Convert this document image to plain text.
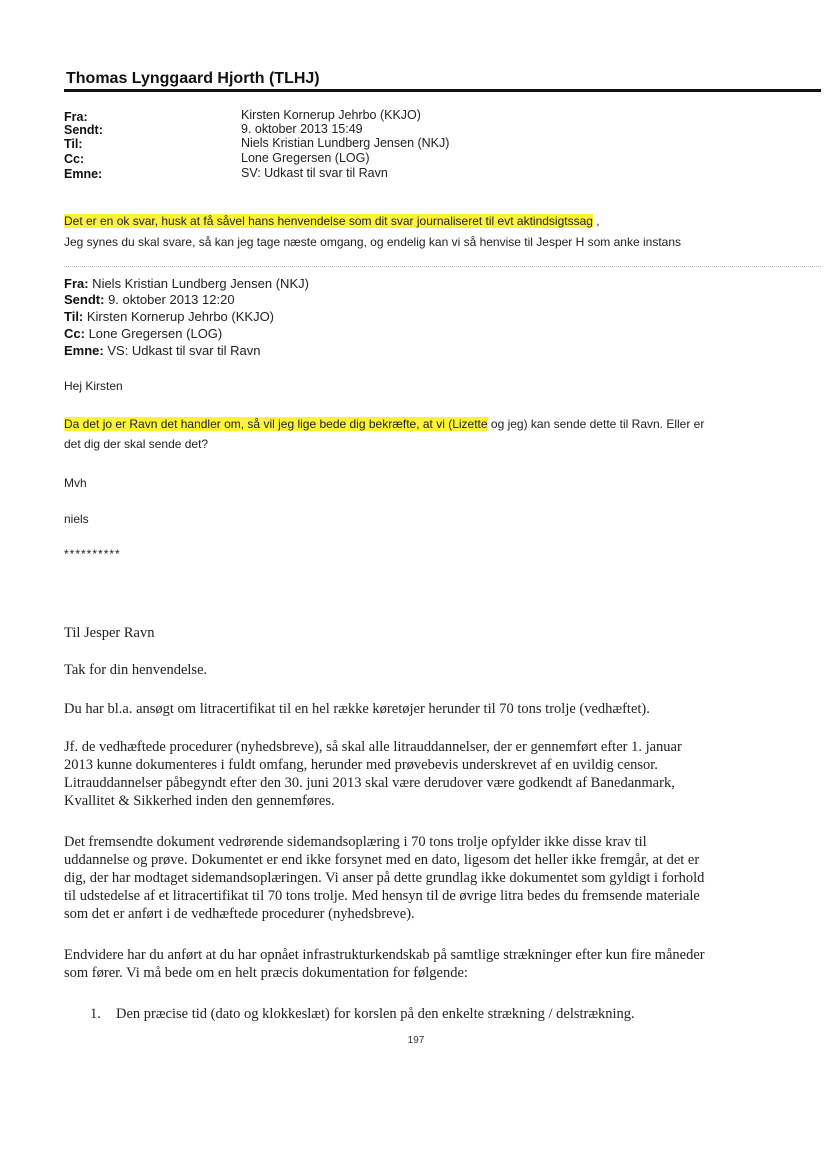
Thomas Lynggaard Hjorth (TLHJ)
Fra:	Kirsten Kornerup Jehrbo (KKJO)
Sendt:	9. oktober 2013 15:49
Til:	Niels Kristian Lundberg Jensen (NKJ)
Cc:	Lone Gregersen (LOG)
Emne:	SV: Udkast til svar til Ravn
Det er en ok svar, husk at få såvel hans henvendelse som dit svar journaliseret til evt aktindsigtssag ,
Jeg synes du skal svare, så kan jeg tage næste omgang, og endelig kan vi så henvise til Jesper H som anke instans
Fra: Niels Kristian Lundberg Jensen (NKJ)
Sendt: 9. oktober 2013 12:20
Til: Kirsten Kornerup Jehrbo (KKJO)
Cc: Lone Gregersen (LOG)
Emne: VS: Udkast til svar til Ravn
Hej Kirsten
Da det jo er Ravn det handler om, så vil jeg lige bede dig bekræfte, at vi (Lizette og jeg) kan sende dette til Ravn. Eller er
det dig der skal sende det?
Mvh
niels
**********
Til Jesper Ravn
Tak for din henvendelse.
Du har bl.a. ansøgt om litracertifikat til en hel række køretøjer herunder til 70 tons trolje (vedhæftet).
Jf. de vedhæftede procedurer (nyhedsbreve), så skal alle litrauddannelser, der er gennemført efter 1. januar
2013 kunne dokumenteres i fuldt omfang, herunder med prøvebevis underskrevet af en uvildig censor.
Litrauddannelser påbegyndt efter den 30. juni 2013 skal være derudover være godkendt af Banedanmark,
Kvallitet & Sikkerhed inden den gennemføres.
Det fremsendte dokument vedrørende sidemandsoplæring i 70 tons trolje opfylder ikke disse krav til
uddannelse og prøve. Dokumentet er end ikke forsynet med en dato, ligesom det heller ikke fremgår, at det er
dig, der har modtaget sidemandsoplæringen. Vi anser på dette grundlag ikke dokumentet som gyldigt i forhold
til udstedelse af et litracertifikat til 70 tons trolje. Med hensyn til de øvrige litra bedes du fremsende materiale
som det er anført i de vedhæftede procedurer (nyhedsbreve).
Endvidere har du anført at du har opnået infrastrukturkendskab på samtlige strækninger efter kun fire måneder
som fører. Vi må bede om en helt præcis dokumentation for følgende:
1. Den præcise tid (dato og klokkeslæt) for korslen på den enkelte strækning / delstrækning.
197
